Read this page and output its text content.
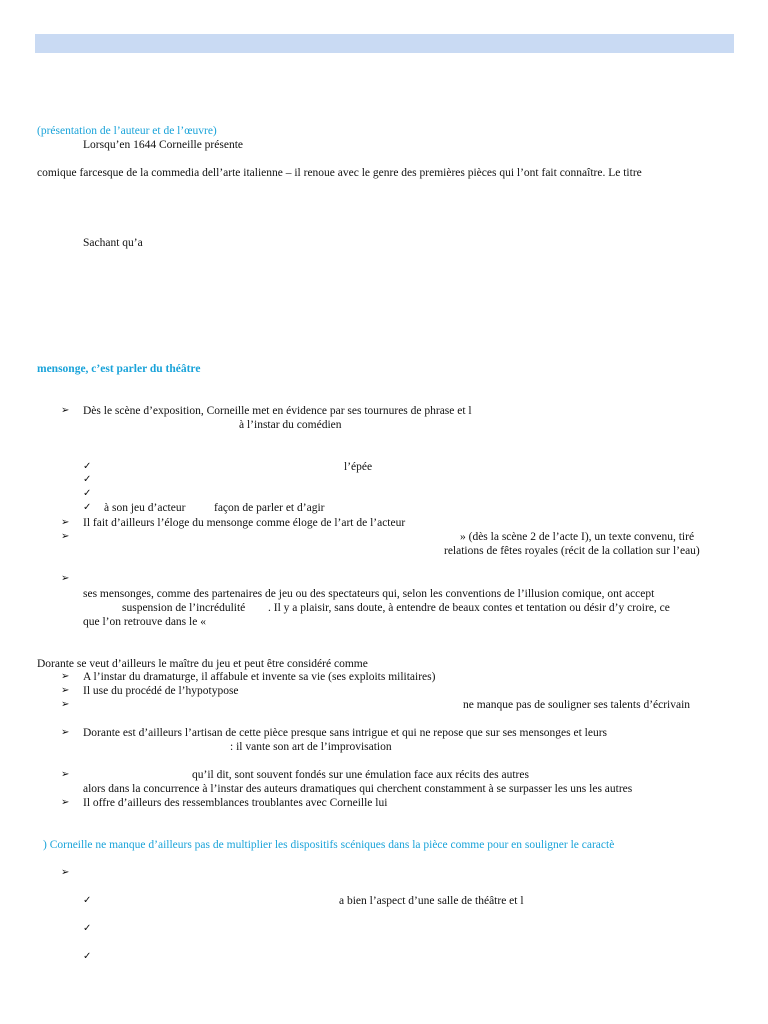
(présentation de l’auteur et de l’œuvre)
Lorsqu’en 1644 Corneille présente
comique farcesque de la commedia dell’arte italienne – il renoue avec le genre des premières pièces qui l’ont fait connaître. Le titre
Sachant qu’a
mensonge, c’est parler du théâtre
➢ Dès le scène d’exposition, Corneille met en évidence par ses tournures de phrase et l
à l’instar du comédien
✓	l’épée
✓
✓
✓ à son jeu d’acteur façon de parler et d’agir
➢ Il fait d’ailleurs l’éloge du mensonge comme éloge de l’art de l’acteur
➢	» (dès la scène 2 de l’acte I), un texte convenu, tiré
relations de fêtes royales (récit de la collation sur l’eau)
➢
ses mensonges, comme des partenaires de jeu ou des spectateurs qui, selon les conventions de l’illusion comique, ont accept
suspension de l’incrédulité . Il y a plaisir, sans doute, à entendre de beaux contes et tentation ou désir d’y croire, ce
que l’on retrouve dans le «
Dorante se veut d’ailleurs le maître du jeu et peut être considéré comme
➢ A l’instar du dramaturge, il affabule et invente sa vie (ses exploits militaires)
➢ Il use du procédé de l’hypotypose
➢	ne manque pas de souligner ses talents d’écrivain
➢ Dorante est d’ailleurs l’artisan de cette pièce presque sans intrigue et qui ne repose que sur ses mensonges et leurs
: il vante son art de l’improvisation
➢	qu’il dit, sont souvent fondés sur une émulation face aux récits des autres
alors dans la concurrence à l’instar des auteurs dramatiques qui cherchent constamment à se surpasser les uns les autres
➢ Il offre d’ailleurs des ressemblances troublantes avec Corneille lui
) Corneille ne manque d’ailleurs pas de multiplier les dispositifs scéniques dans la pièce comme pour en souligner le caractè
➢
✓	a bien l’aspect d’une salle de théâtre et l
✓
✓
